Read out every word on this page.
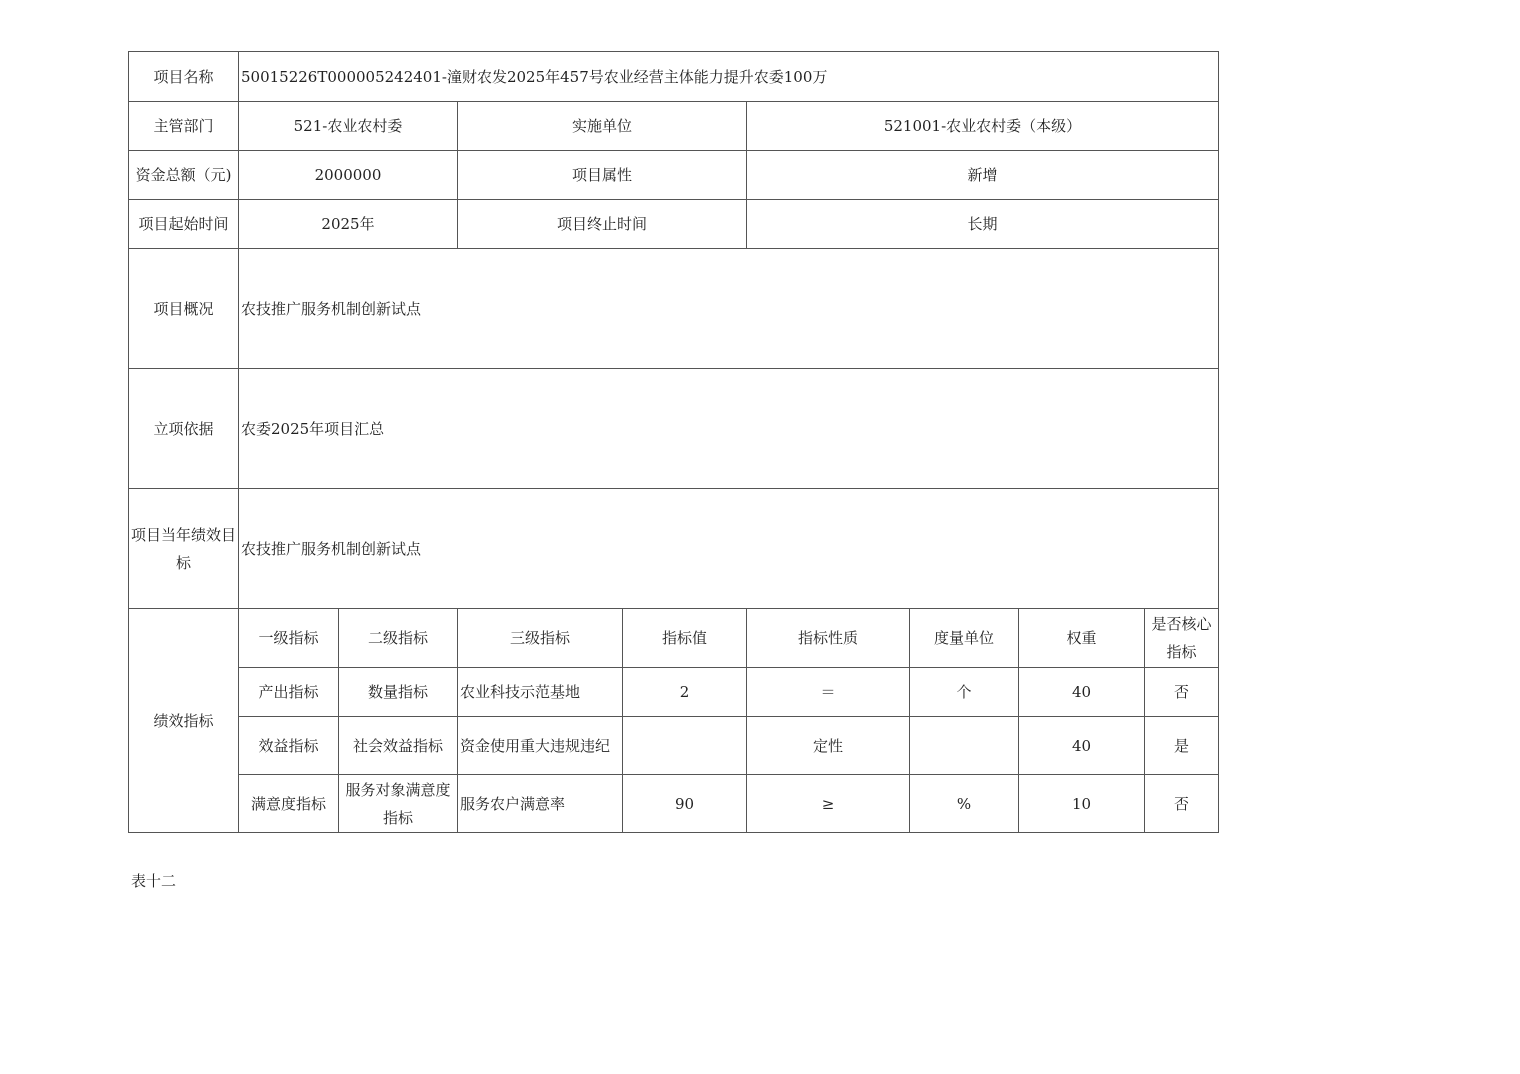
项目名称	50015226T000005242401-潼财农发2025年457号农业经营主体能力提升农委100万							
主管部门	521-农业农村委		实施单位		521001-农业农村委（本级）			
资金总额（元)	2000000		项目属性		新增			
项目起始时间	2025年		项目终止时间		长期			
项目概况	农技推广服务机制创新试点							
立项依据	农委2025年项目汇总							
项目当年绩效目标	农技推广服务机制创新试点							
绩效指标	一级指标	二级指标	三级指标	指标值	指标性质	度量单位	权重	是否核心指标
	产出指标	数量指标	农业科技示范基地	2	＝	个	40	否
	效益指标	社会效益指标	资金使用重大违规违纪		定性		40	是
	满意度指标	服务对象满意度指标	服务农户满意率	90	≥	%	10	否
表十二
